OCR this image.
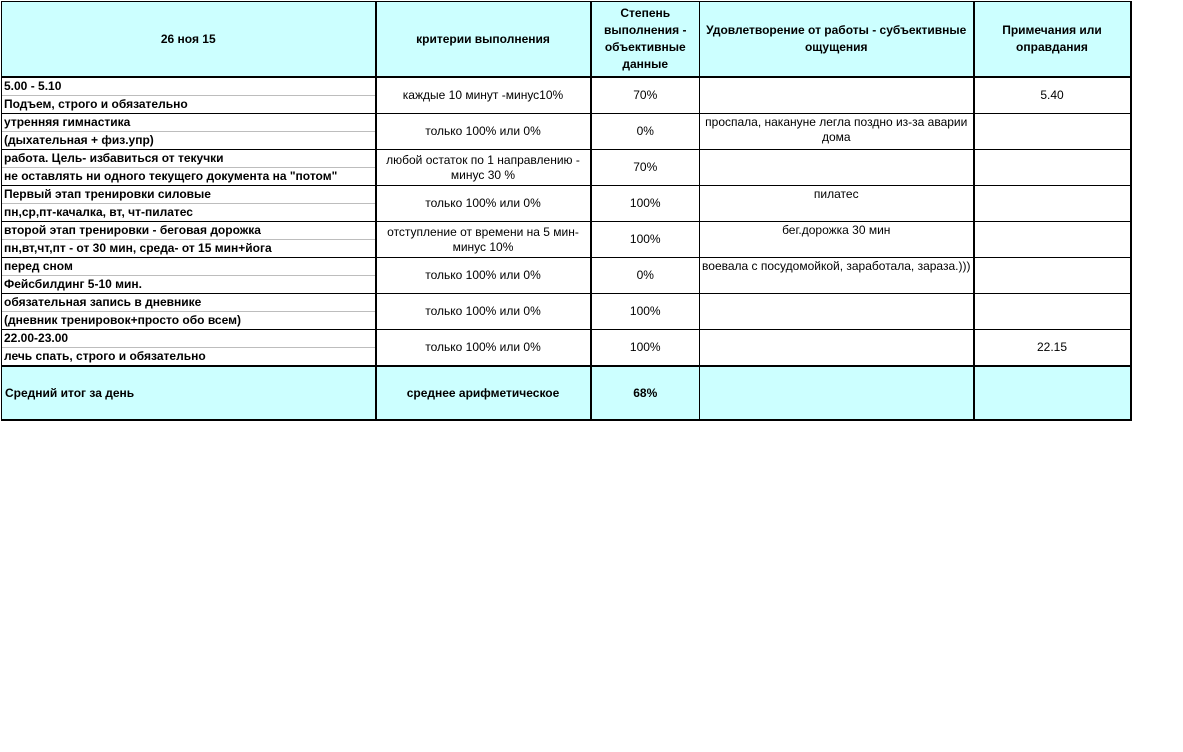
26 ноя 15	критерии выполнения	Степень выполнения - объективные данные	Удовлетворение от работы - субъективные ощущения	Примечания или оправдания

5.00 - 5.10
Подъем, строго и обязательно	каждые 10 минут -минус10%	70%		5.40

утренняя гимнастика
(дыхательная + физ.упр)	только 100% или 0%	0%	проспала, накануне легла поздно из-за аварии дома	

работа. Цель- избавиться от текучки
не оставлять ни одного текущего документа на "потом"	любой остаток по 1 направлению - минус 30 %	70%	

Первый этап тренировки силовые
пн,ср,пт-качалка, вт, чт-пилатес	только 100% или 0%	100%	пилатес	

второй этап тренировки - беговая дорожка
пн,вт,чт,пт - от 30 мин, среда- от 15 мин+йога	отступление от времени на 5 мин- минус 10%	100%	бег.дорожка 30 мин	

перед сном
Фейсбилдинг 5-10 мин.	только 100% или 0%	0%	воевала с посудомойкой, заработала, зараза.)))	

обязательная запись в дневнике
(дневник тренировок+просто обо всем)	только 100% или 0%	100%	

22.00-23.00
лечь спать, строго и обязательно	только 100% или 0%	100%		22.15
Средний итог за день	среднее арифметическое	68%		
